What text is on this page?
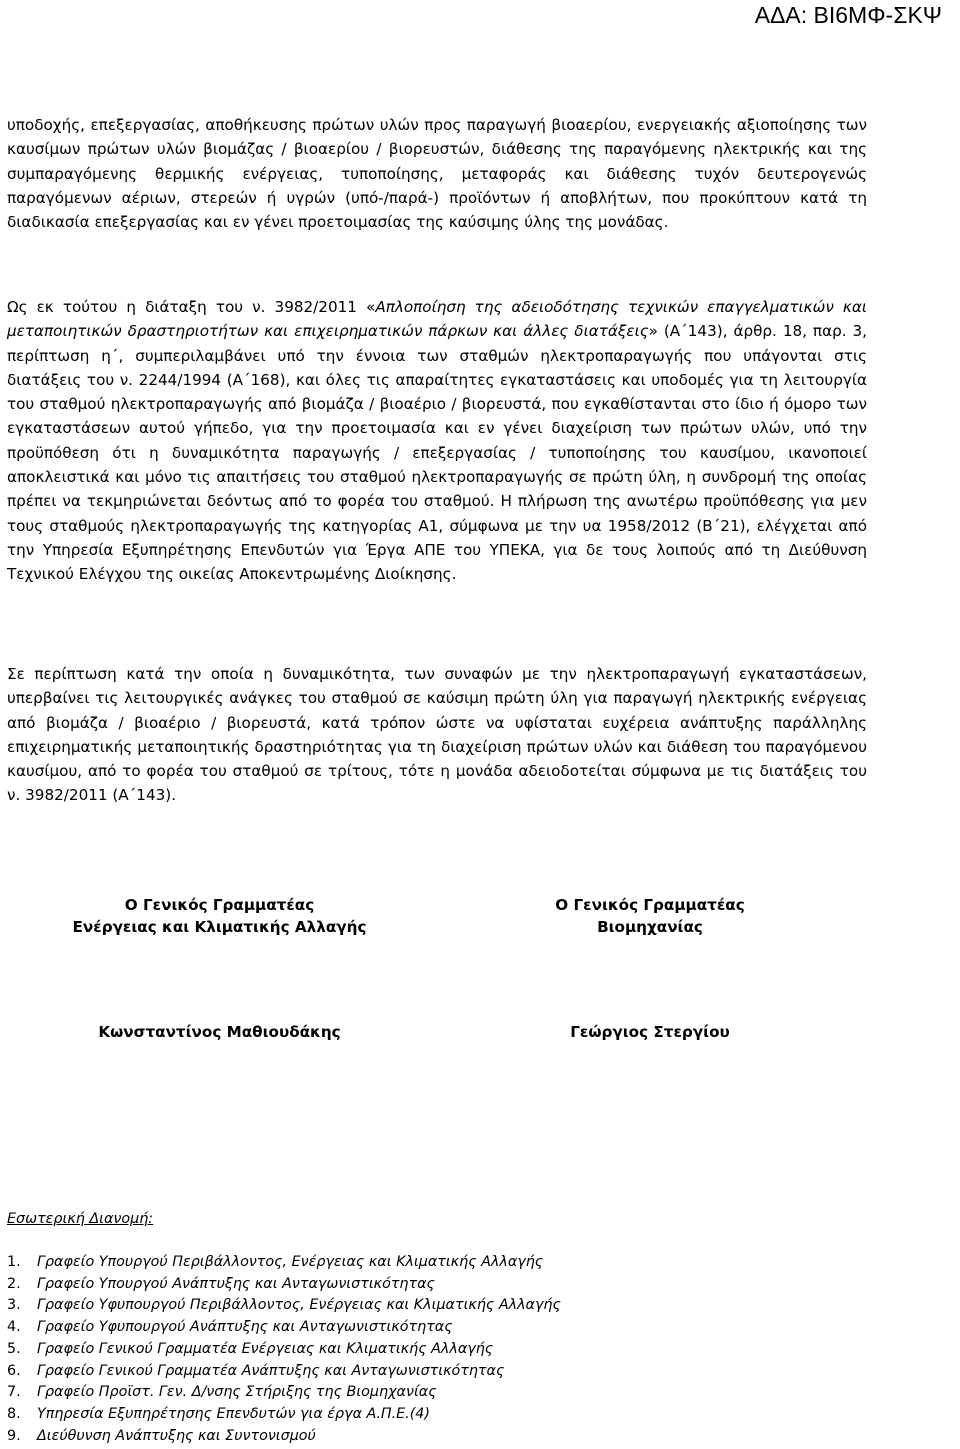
ΑΔΑ: ΒΙ6ΜΦ-ΣΚΨ

υποδοχής, επεξεργασίας, αποθήκευσης πρώτων υλών προς παραγωγή βιοαερίου, ενεργειακής αξιοποίησης των καυσίμων πρώτων υλών βιομάζας / βιοαερίου / βιορευστών, διάθεσης της παραγόμενης ηλεκτρικής και της συμπαραγόμενης θερμικής ενέργειας, τυποποίησης, μεταφοράς και διάθεσης τυχόν δευτερογενώς παραγόμενων αέριων, στερεών ή υγρών (υπό-/παρά-) προϊόντων ή αποβλήτων, που προκύπτουν κατά τη διαδικασία επεξεργασίας και εν γένει προετοιμασίας της καύσιμης ύλης της μονάδας.

Ως εκ τούτου η διάταξη του ν. 3982/2011 «Απλοποίηση της αδειοδότησης τεχνικών επαγγελματικών και μεταποιητικών δραστηριοτήτων και επιχειρηματικών πάρκων και άλλες διατάξεις» (Α΄143), άρθρ. 18, παρ. 3, περίπτωση η΄, συμπεριλαμβάνει υπό την έννοια των σταθμών ηλεκτροπαραγωγής που υπάγονται στις διατάξεις του ν. 2244/1994 (Α΄168), και όλες τις απαραίτητες εγκαταστάσεις και υποδομές για τη λειτουργία του σταθμού ηλεκτροπαραγωγής από βιομάζα / βιοαέριο / βιορευστά, που εγκαθίστανται στο ίδιο ή όμορο των εγκαταστάσεων αυτού γήπεδο, για την προετοιμασία και εν γένει διαχείριση των πρώτων υλών, υπό την προϋπόθεση ότι η δυναμικότητα παραγωγής / επεξεργασίας / τυποποίησης του καυσίμου, ικανοποιεί αποκλειστικά και μόνο τις απαιτήσεις του σταθμού ηλεκτροπαραγωγής σε πρώτη ύλη, η συνδρομή της οποίας πρέπει να τεκμηριώνεται δεόντως από το φορέα του σταθμού. Η πλήρωση της ανωτέρω προϋπόθεσης για μεν τους σταθμούς ηλεκτροπαραγωγής της κατηγορίας Α1, σύμφωνα με την υα 1958/2012 (Β΄21), ελέγχεται από την Υπηρεσία Εξυπηρέτησης Επενδυτών για Έργα ΑΠΕ του ΥΠΕΚΑ, για δε τους λοιπούς από τη Διεύθυνση Τεχνικού Ελέγχου της οικείας Αποκεντρωμένης Διοίκησης.

Σε περίπτωση κατά την οποία η δυναμικότητα, των συναφών με την ηλεκτροπαραγωγή εγκαταστάσεων, υπερβαίνει τις λειτουργικές ανάγκες του σταθμού σε καύσιμη πρώτη ύλη για παραγωγή ηλεκτρικής ενέργειας από βιομάζα / βιοαέριο / βιορευστά, κατά τρόπον ώστε να υφίσταται ευχέρεια ανάπτυξης παράλληλης επιχειρηματικής μεταποιητικής δραστηριότητας για τη διαχείριση πρώτων υλών και διάθεση του παραγόμενου καυσίμου, από το φορέα του σταθμού σε τρίτους, τότε η μονάδα αδειοδοτείται σύμφωνα με τις διατάξεις του ν. 3982/2011 (Α΄143).

Ο Γενικός Γραμματέας
Ενέργειας και Κλιματικής Αλλαγής
Ο Γενικός Γραμματέας
Βιομηχανίας
Κωνσταντίνος Μαθιουδάκης	Γεώργιος Στεργίου
Εσωτερική Διανομή:
1. Γραφείο Υπουργού Περιβάλλοντος, Ενέργειας και Κλιματικής Αλλαγής
2. Γραφείο Υπουργού Ανάπτυξης και Ανταγωνιστικότητας
3. Γραφείο Υφυπουργού Περιβάλλοντος, Ενέργειας και Κλιματικής Αλλαγής
4. Γραφείο Υφυπουργού Ανάπτυξης και Ανταγωνιστικότητας
5. Γραφείο Γενικού Γραμματέα Ενέργειας και Κλιματικής Αλλαγής
6. Γραφείο Γενικού Γραμματέα Ανάπτυξης και Ανταγωνιστικότητας
7. Γραφείο Προϊστ. Γεν. Δ/νσης Στήριξης της Βιομηχανίας
8. Υπηρεσία Εξυπηρέτησης Επενδυτών για έργα Α.Π.Ε.(4)
9. Διεύθυνση Ανάπτυξης και Συντονισμού
